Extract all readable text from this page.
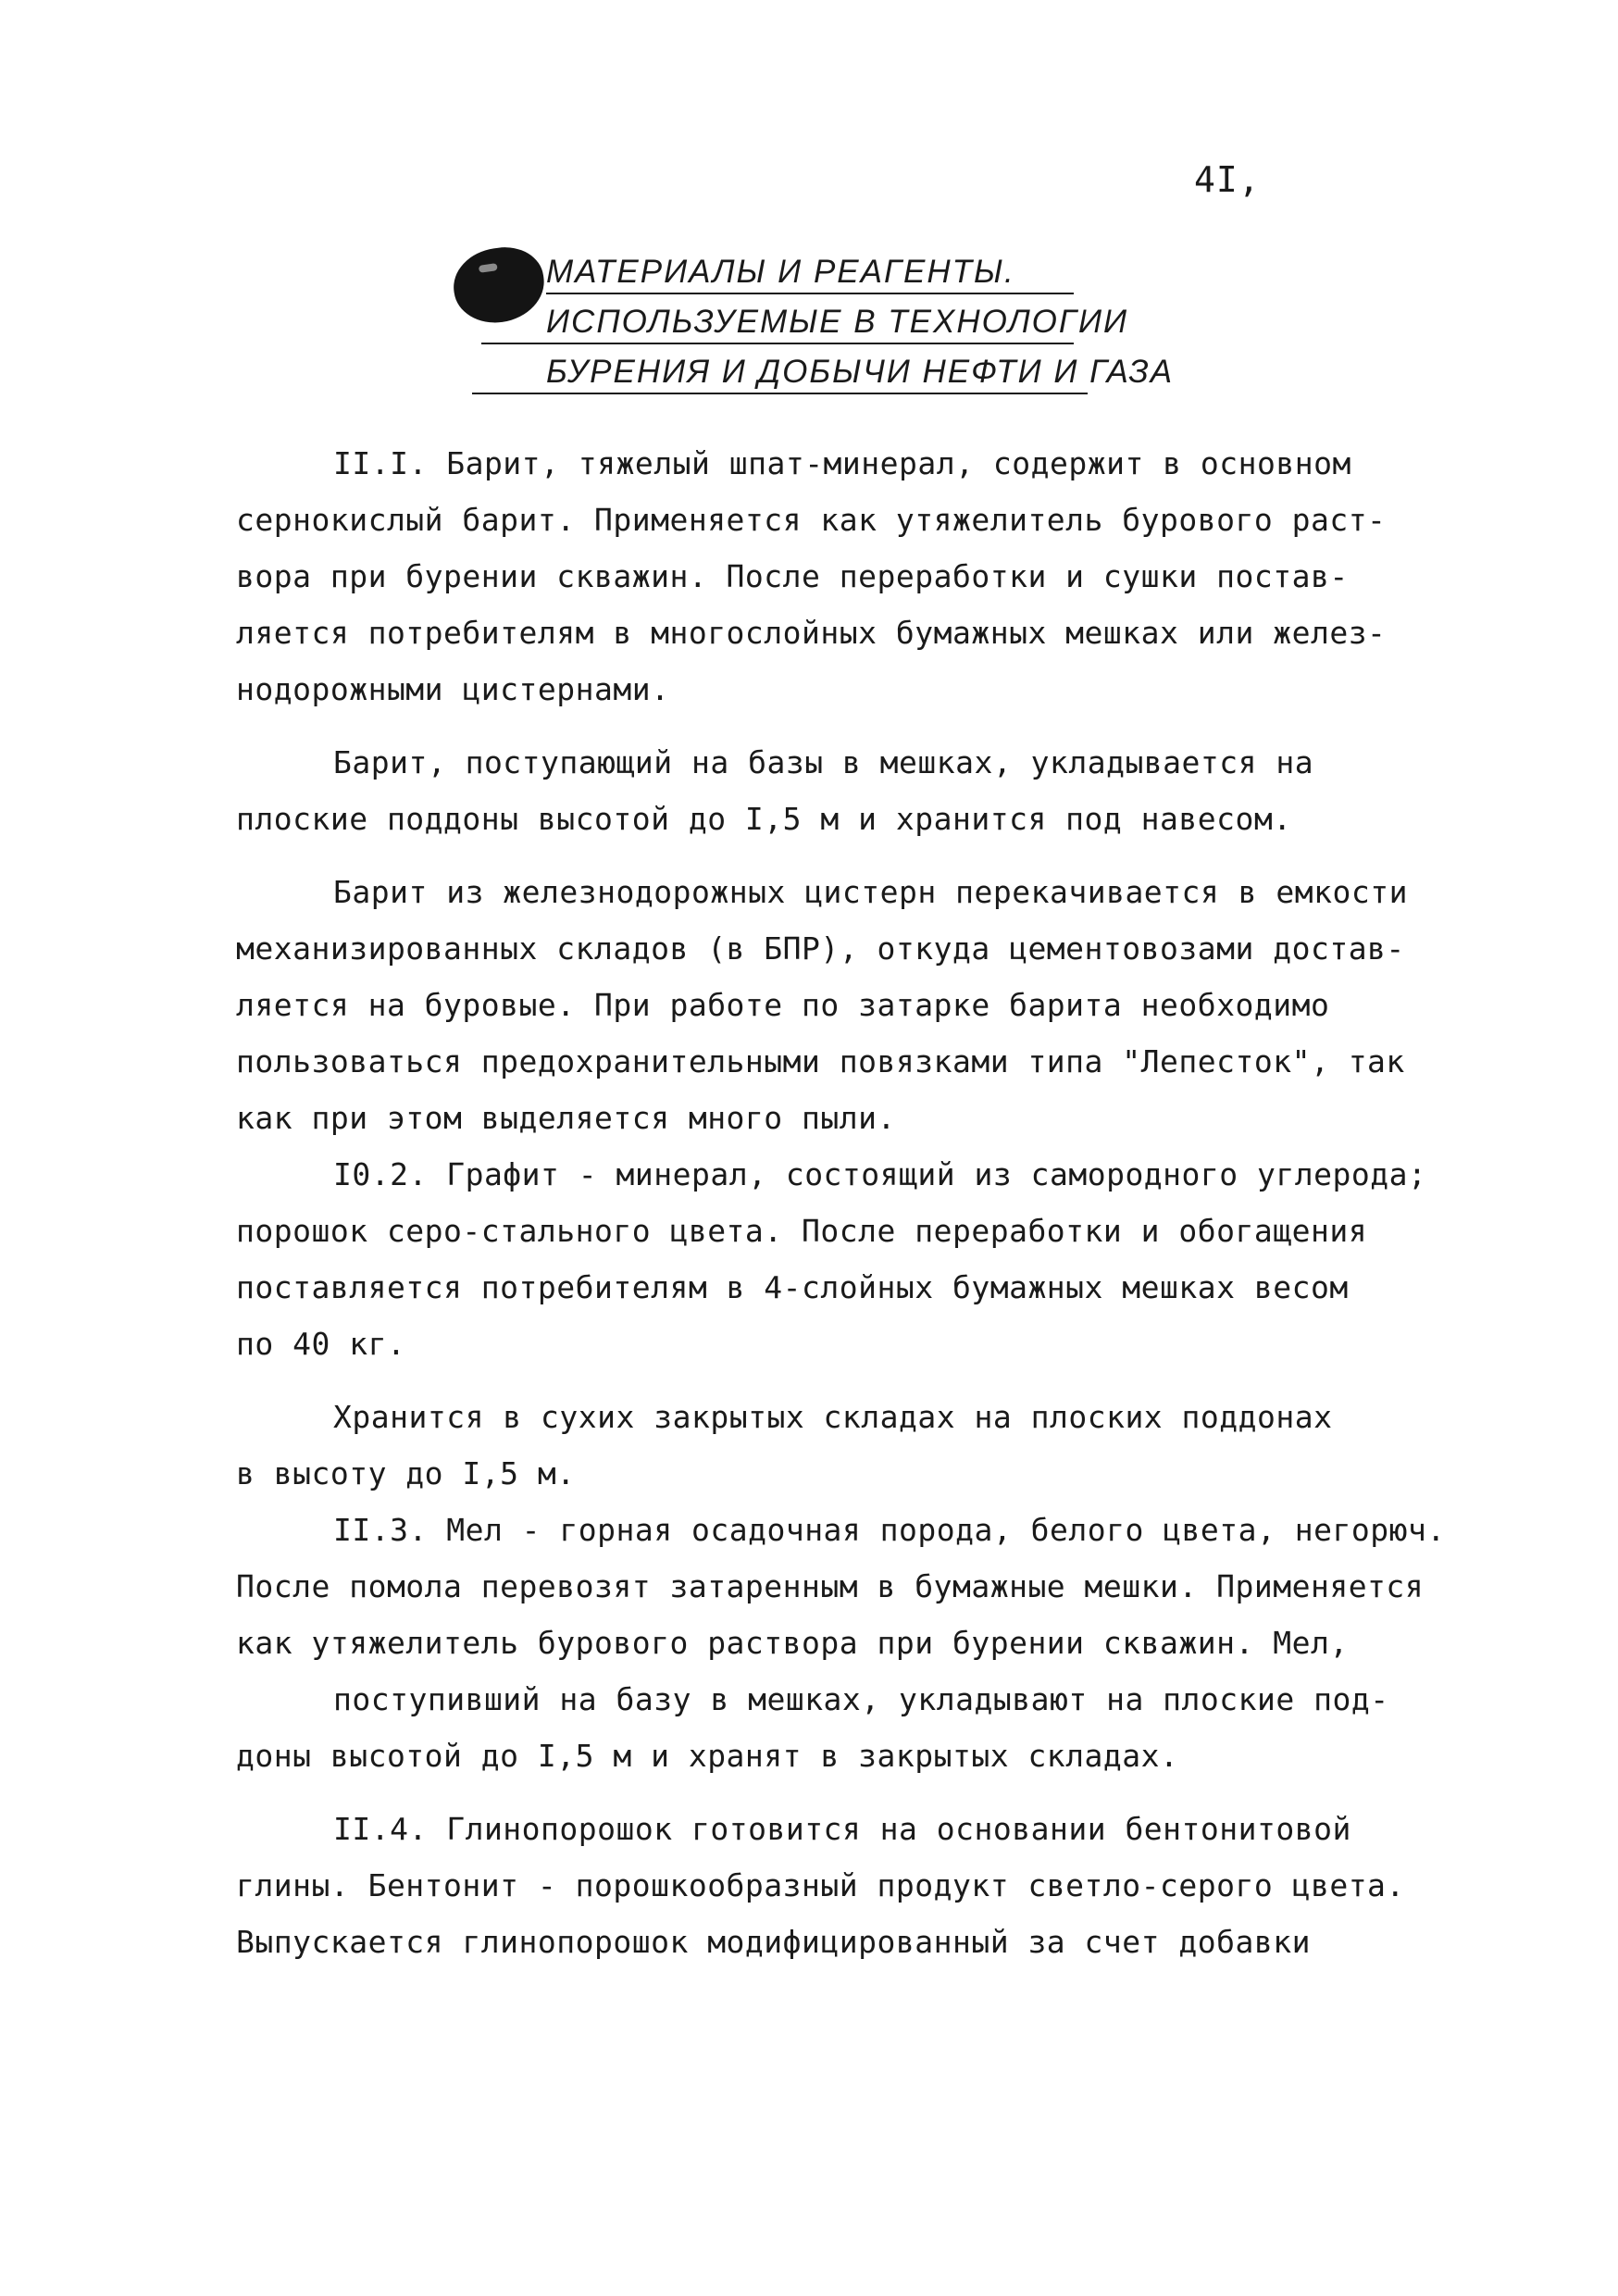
4I,
МАТЕРИАЛЫ И РЕАГЕНТЫ.
ИСПОЛЬЗУЕМЫЕ В ТЕХНОЛОГИИ
БУРЕНИЯ И ДОБЫЧИ НЕФТИ И ГАЗА
II.I. Барит, тяжелый шпат-минерал, содержит в основном
сернокислый барит. Применяется как утяжелитель бурового раст-
вора при бурении скважин. После переработки и сушки постав-
ляется потребителям в многослойных бумажных мешках или желез-
нодорожными цистернами.
Барит, поступающий на базы в мешках, укладывается на
плоские поддоны высотой до I,5 м и хранится под навесом.
Барит из железнодорожных цистерн перекачивается в емкости
механизированных складов (в БПР), откуда цементовозами достав-
ляется на буровые. При работе по затарке барита необходимо
пользоваться предохранительными повязками типа "Лепесток", так
как при этом выделяется много пыли.
I0.2. Графит - минерал, состоящий из самородного углерода;
порошок серо-стального цвета. После переработки и обогащения
поставляется потребителям в 4-слойных бумажных мешках весом
по 40 кг.
Хранится в сухих закрытых складах на плоских поддонах
в высоту до I,5 м.
II.3. Мел - горная осадочная порода, белого цвета, негорюч.
После помола перевозят затаренным в бумажные мешки. Применяется
как утяжелитель бурового раствора при бурении скважин. Мел,
поступивший на базу в мешках, укладывают на плоские под-
доны высотой до I,5 м и хранят в закрытых складах.
II.4. Глинопорошок готовится на основании бентонитовой
глины. Бентонит - порошкообразный продукт светло-серого цвета.
Выпускается глинопорошок модифицированный за счет добавки
